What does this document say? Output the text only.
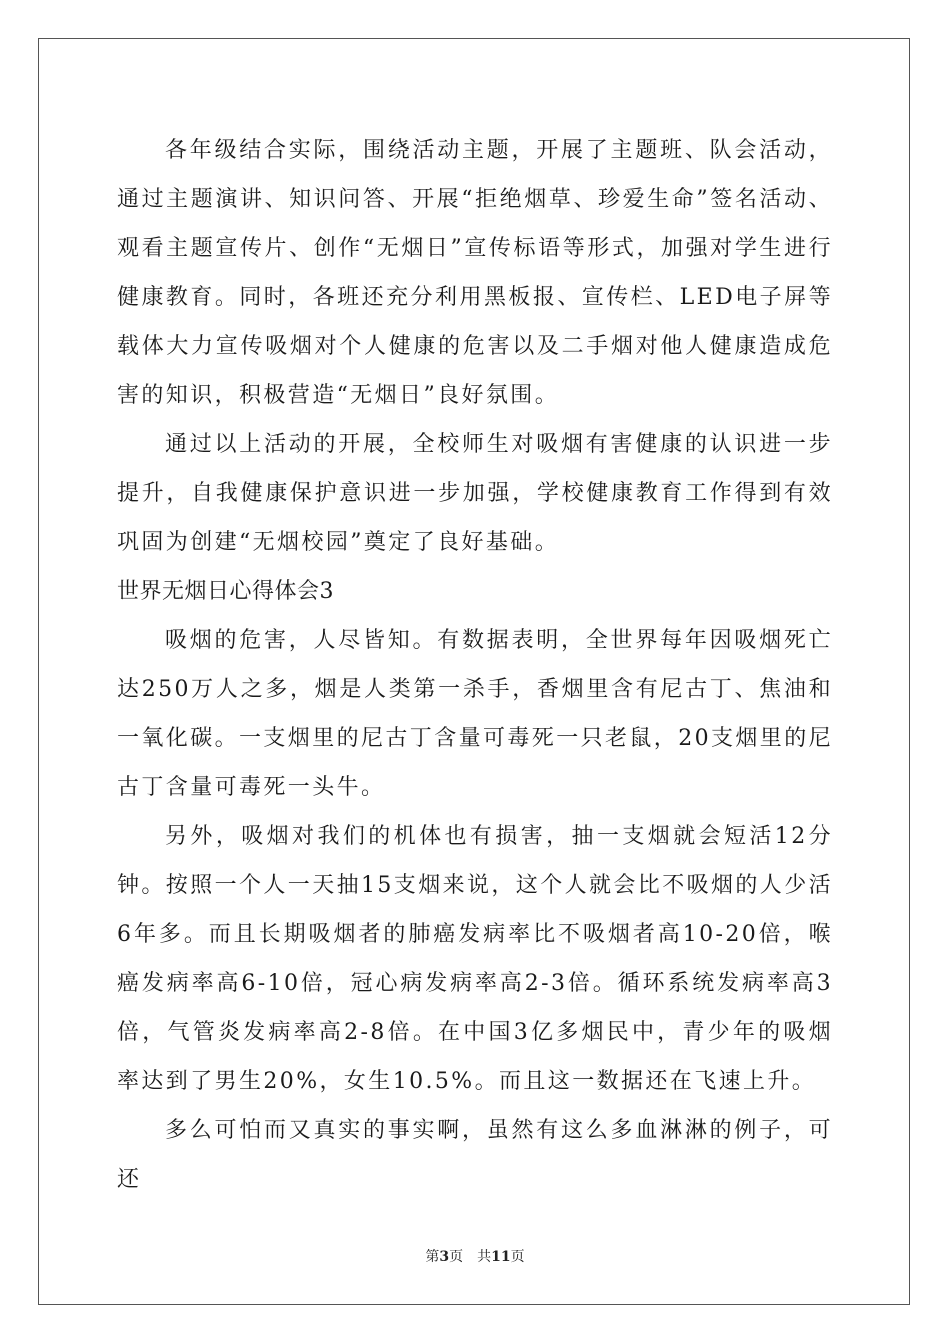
各年级结合实际，围绕活动主题，开展了主题班、队会活动，通过主题演讲、知识问答、开展“拒绝烟草、珍爱生命”签名活动、观看主题宣传片、创作“无烟日”宣传标语等形式，加强对学生进行健康教育。同时，各班还充分利用黑板报、宣传栏、LED电子屏等载体大力宣传吸烟对个人健康的危害以及二手烟对他人健康造成危害的知识，积极营造“无烟日”良好氛围。

通过以上活动的开展，全校师生对吸烟有害健康的认识进一步提升，自我健康保护意识进一步加强，学校健康教育工作得到有效巩固为创建“无烟校园”奠定了良好基础。

世界无烟日心得体会3

吸烟的危害，人尽皆知。有数据表明，全世界每年因吸烟死亡达250万人之多，烟是人类第一杀手，香烟里含有尼古丁、焦油和一氧化碳。一支烟里的尼古丁含量可毒死一只老鼠，20支烟里的尼古丁含量可毒死一头牛。

另外，吸烟对我们的机体也有损害，抽一支烟就会短活12分钟。按照一个人一天抽15支烟来说，这个人就会比不吸烟的人少活6年多。而且长期吸烟者的肺癌发病率比不吸烟者高10-20倍，喉癌发病率高6-10倍，冠心病发病率高2-3倍。循环系统发病率高3倍，气管炎发病率高2-8倍。在中国3亿多烟民中，青少年的吸烟率达到了男生20%，女生10.5%。而且这一数据还在飞速上升。

多么可怕而又真实的事实啊，虽然有这么多血淋淋的例子，可还

第3页 共11页
